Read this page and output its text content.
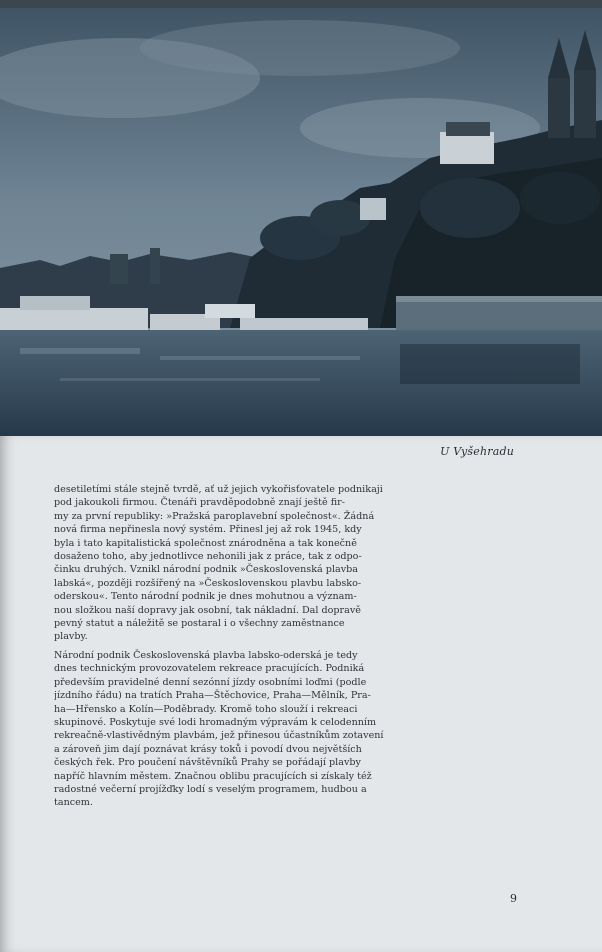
U Vyšehradu
desetiletími stále stejně tvrdě, ať už jejich vykořisťovatele podnikaji
pod jakoukoli firmou. Čtenáři pravděpodobně znají ještě fir-
my za první republiky: »Pražská paroplavební společnost«. Žádná
nová firma nepřinesla nový systém. Přinesl jej až rok 1945, kdy
byla i tato kapitalistická společnost znárodněna a tak konečně
dosaženo toho, aby jednotlivce nehonili jak z práce, tak z odpo-
činku druhých. Vznikl národní podnik »Československá plavba
labská«, později rozšířený na »Československou plavbu labsko-
oderskou«. Tento národní podnik je dnes mohutnou a význam-
nou složkou naší dopravy jak osobní, tak nákladní. Dal dopravě
pevný statut a náležitě se postaral i o všechny zaměstnance
plavby.
Národní podnik Československá plavba labsko-oderská je tedy
dnes technickým provozovatelem rekreace pracujících. Podniká
především pravidelné denní sezónní jízdy osobními loďmi (podle
jízdního řádu) na tratích Praha—Štěchovice, Praha—Mělník, Pra-
ha—Hřensko a Kolín—Poděbrady. Kromě toho slouží i rekreaci
skupinové. Poskytuje své lodi hromadným výpravám k celodenním
rekreačně-vlastivědným plavbám, jež přinesou účastníkům zotavení
a zároveň jim dají poznávat krásy toků i povodí dvou největších
českých řek. Pro poučení návštěvníků Prahy se pořádají plavby
napříč hlavním městem. Značnou oblibu pracujících si získaly též
radostné večerní projížďky lodí s veselým programem, hudbou a
tancem.
9
